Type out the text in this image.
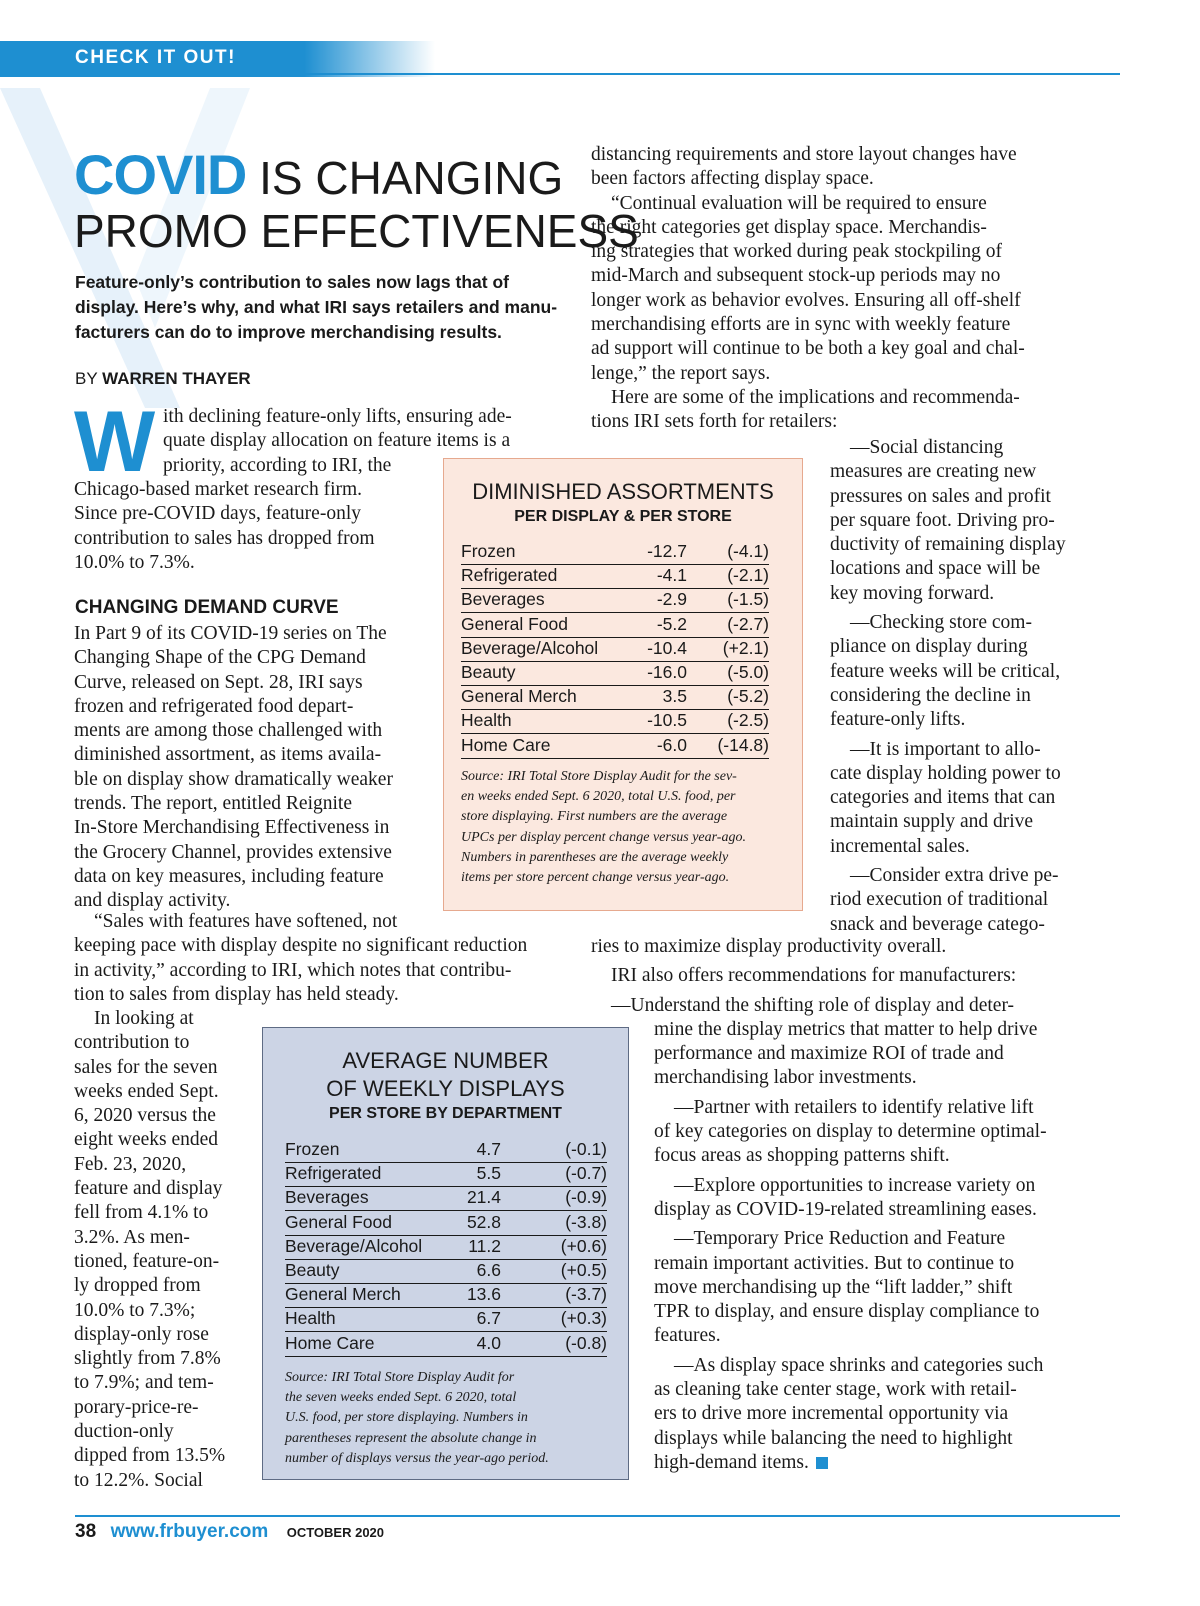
CHECK IT OUT!
COVID IS CHANGING
PROMO EFFECTIVENESS
Feature-only’s contribution to sales now lags that of
display. Here’s why, and what IRI says retailers and manu-
facturers can do to improve merchandising results.
BY WARREN THAYER
W ith declining feature-only lifts, ensuring ade-
quate display allocation on feature items is a
priority, according to IRI, the
Chicago-based market research firm.
Since pre-COVID days, feature-only
contribution to sales has dropped from
10.0% to 7.3%.
CHANGING DEMAND CURVE
In Part 9 of its COVID-19 series on The
Changing Shape of the CPG Demand
Curve, released on Sept. 28, IRI says
frozen and refrigerated food depart-
ments are among those challenged with
diminished assortment, as items availa-
ble on display show dramatically weaker
trends. The report, entitled Reignite
In-Store Merchandising Effectiveness in
the Grocery Channel, provides extensive
data on key measures, including feature
and display activity.
“Sales with features have softened, not
keeping pace with display despite no significant reduction
in activity,” according to IRI, which notes that contribu-
tion to sales from display has held steady.
In looking at
contribution to
sales for the seven
weeks ended Sept.
6, 2020 versus the
eight weeks ended
Feb. 23, 2020,
feature and display
fell from 4.1% to
3.2%. As men-
tioned, feature-on-
ly dropped from
10.0% to 7.3%;
display-only rose
slightly from 7.8%
to 7.9%; and tem-
porary-price-re-
duction-only
dipped from 13.5%
to 12.2%. Social
distancing requirements and store layout changes have
been factors affecting display space.
“Continual evaluation will be required to ensure
the right categories get display space. Merchandis-
ing strategies that worked during peak stockpiling of
mid-March and subsequent stock-up periods may no
longer work as behavior evolves. Ensuring all off-shelf
merchandising efforts are in sync with weekly feature
ad support will continue to be both a key goal and chal-
lenge,” the report says.
Here are some of the implications and recommenda-
tions IRI sets forth for retailers:
—Social distancing
measures are creating new
pressures on sales and profit
per square foot. Driving pro-
ductivity of remaining display
locations and space will be
key moving forward.
—Checking store com-
pliance on display during
feature weeks will be critical,
considering the decline in
feature-only lifts.
—It is important to allo-
cate display holding power to
categories and items that can
maintain supply and drive
incremental sales.
—Consider extra drive pe-
riod execution of traditional
snack and beverage catego-
ries to maximize display productivity overall.
IRI also offers recommendations for manufacturers:
—Understand the shifting role of display and deter-
mine the display metrics that matter to help drive
performance and maximize ROI of trade and
merchandising labor investments.
—Partner with retailers to identify relative lift
of key categories on display to determine optimal-
focus areas as shopping patterns shift.
—Explore opportunities to increase variety on
display as COVID-19-related streamlining eases.
—Temporary Price Reduction and Feature
remain important activities. But to continue to
move merchandising up the “lift ladder,” shift
TPR to display, and ensure display compliance to
features.
—As display space shrinks and categories such
as cleaning take center stage, work with retail-
ers to drive more incremental opportunity via
displays while balancing the need to highlight
high-demand items.
DIMINISHED ASSORTMENTS
PER DISPLAY & PER STORE
Frozen	-12.7 (-4.1)
Refrigerated	-4.1 (-2.1)
Beverages	-2.9 (-1.5)
General Food	-5.2 (-2.7)
Beverage/Alcohol	-10.4 (+2.1)
Beauty	-16.0 (-5.0)
General Merch	3.5 (-5.2)
Health	-10.5 (-2.5)
Home Care	-6.0 (-14.8)
Source: IRI Total Store Display Audit for the sev-
en weeks ended Sept. 6 2020, total U.S. food, per
store displaying. First numbers are the average
UPCs per display percent change versus year-ago.
Numbers in parentheses are the average weekly
items per store percent change versus year-ago.
AVERAGE NUMBER
OF WEEKLY DISPLAYS
PER STORE BY DEPARTMENT
Frozen	4.7	(-0.1)
Refrigerated	5.5	(-0.7)
Beverages	21.4	(-0.9)
General Food	52.8	(-3.8)
Beverage/Alcohol	11.2	(+0.6)
Beauty	6.6	(+0.5)
General Merch	13.6	(-3.7)
Health	6.7	(+0.3)
Home Care	4.0	(-0.8)
Source: IRI Total Store Display Audit for
the seven weeks ended Sept. 6 2020, total
U.S. food, per store displaying. Numbers in
parentheses represent the absolute change in
number of displays versus the year-ago period.
38 www.frbuyer.com OCTOBER 2020
